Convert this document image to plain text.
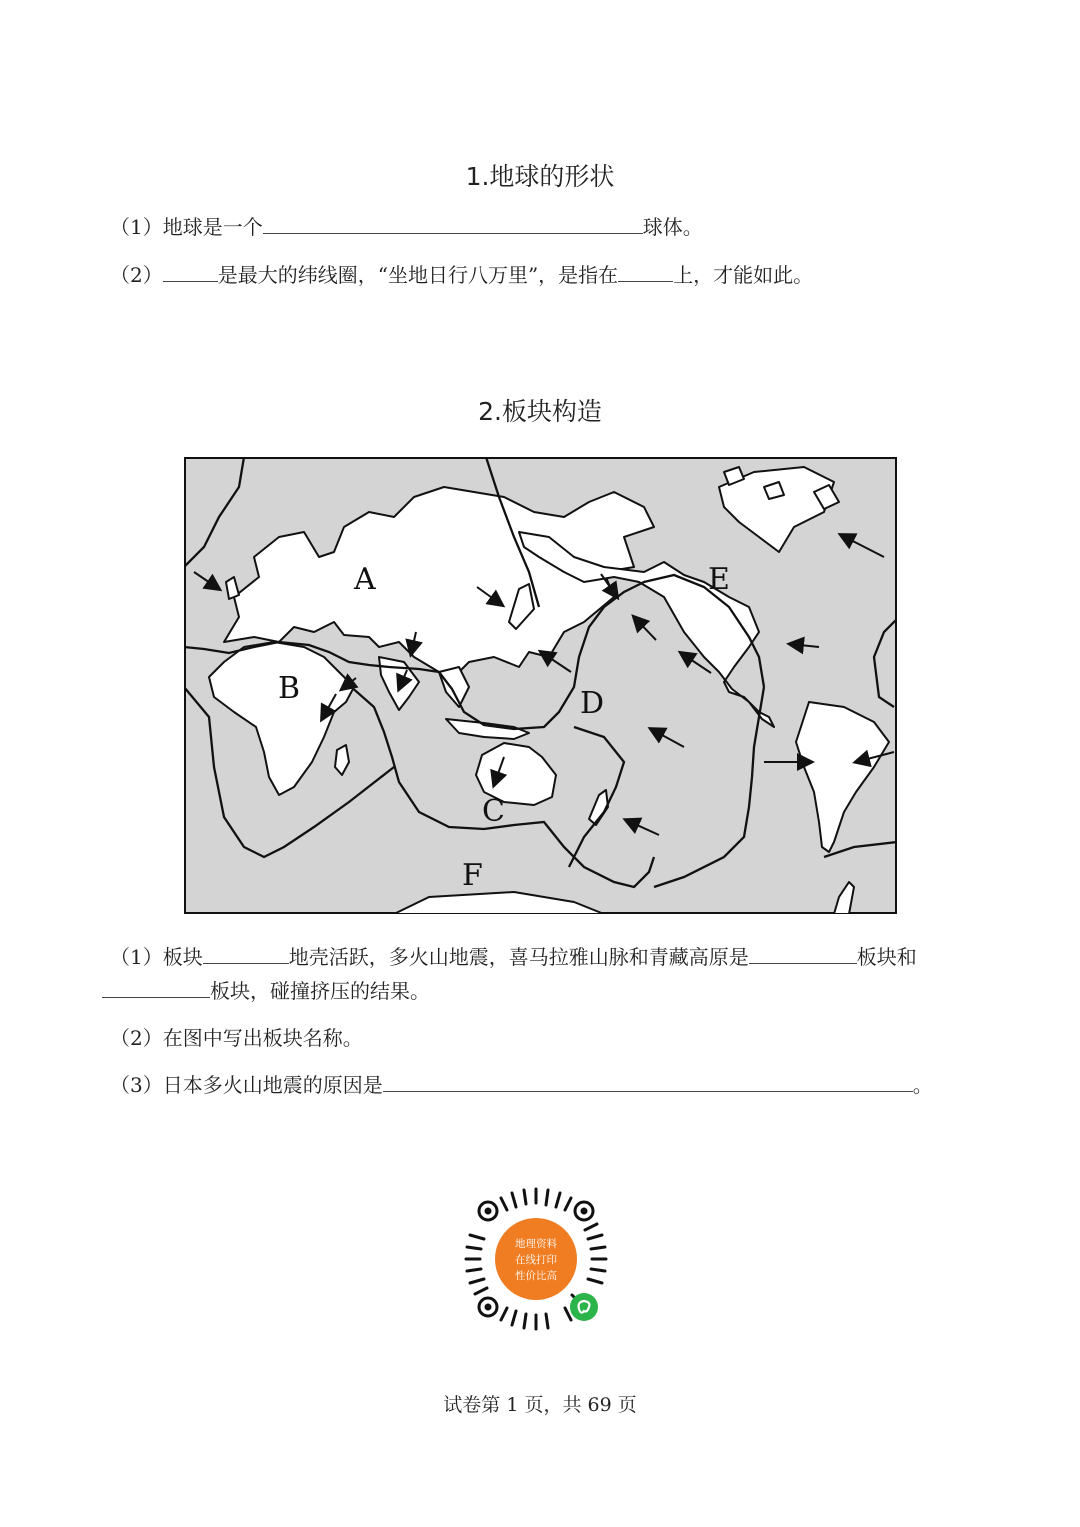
1.地球的形状
（1）地球是一个	球体。
（2）	是最大的纬线圈，“坐地日行八万里”，是指在	上，才能如此。
2.板块构造
A
B
C
D
E
F
（1）板块	地壳活跃，多火山地震，喜马拉雅山脉和青藏高原是	板块和
板块，碰撞挤压的结果。
（2）在图中写出板块名称。
（3）日本多火山地震的原因是	。
地理资料
在线打印
性价比高
试卷第 1 页，共 69 页
